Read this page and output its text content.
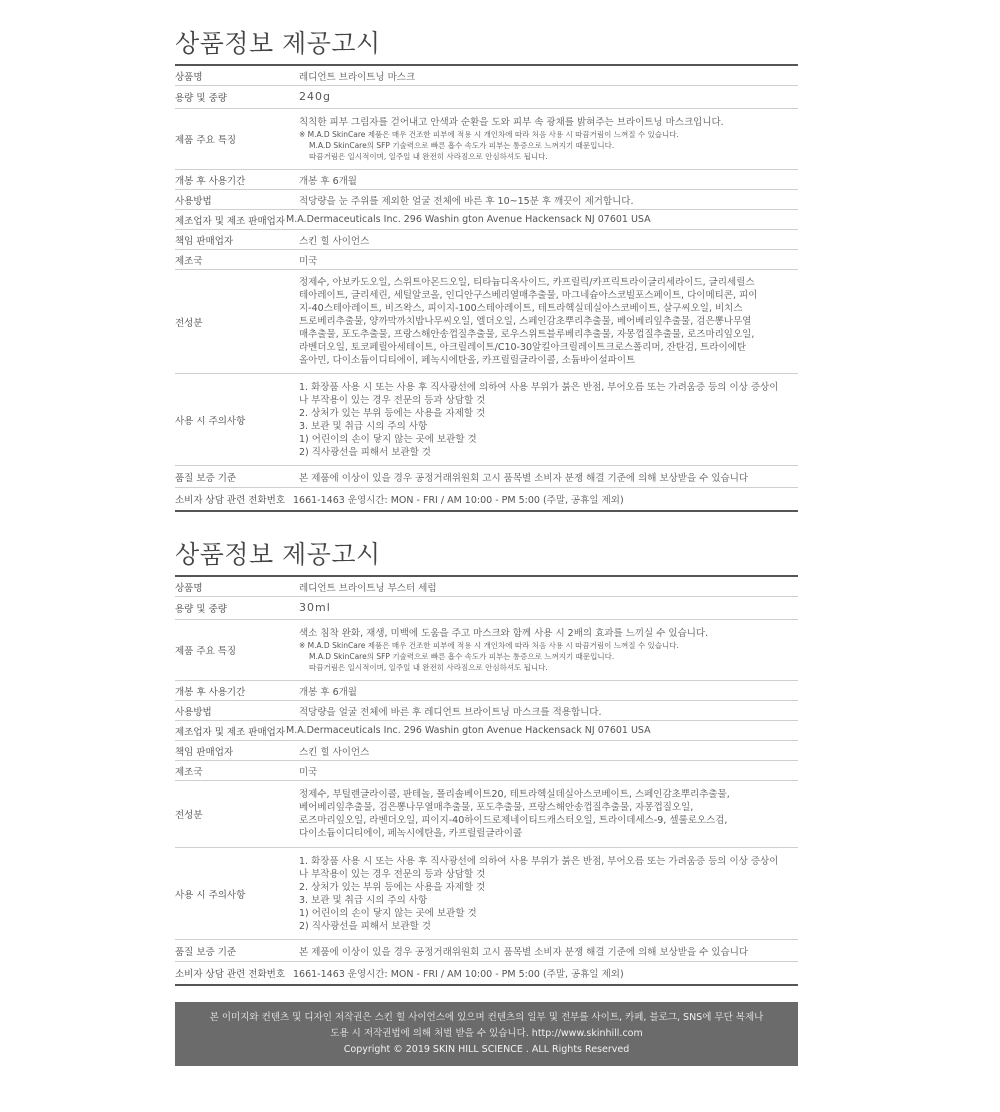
상품정보 제공고시
상품명	레디언트 브라이트닝 마스크
용량 및 중량	240g
제품 주요 특징
칙칙한 피부 그림자를 걷어내고 안색과 순환을 도와 피부 속 광채를 밝혀주는 브라이트닝 마스크입니다.
※ M.A.D SkinCare 제품은 매우 건조한 피부에 적용 시 개인차에 따라 처음 사용 시 따끔거림이 느껴질 수 있습니다.
M.A.D SkinCare의 SFP 기술력으로 빠른 흡수 속도가 피부는 통증으로 느껴지기 때문입니다.
따끔거림은 일시적이며, 일주일 내 완전히 사라짐으로 안심하셔도 됩니다.
개봉 후 사용기간	개봉 후 6개월
사용방법	적당량을 눈 주위를 제외한 얼굴 전체에 바른 후 10~15분 후 깨끗이 제거합니다.
제조업자 및 제조 판매업자 M.A.Dermaceuticals Inc. 296 Washin gton Avenue Hackensack NJ 07601 USA
책임 판매업자	스킨 힐 사이언스
제조국	미국
전성분
정제수, 아보카도오일, 스위트아몬드오일, 티타늄디옥사이드, 카프릴릭/카프릭트라이글리세라이드, 글리세릴스
테아레이트, 글리세린, 세틸알코올, 인디안구스베리열매추출물, 마그네슘아스코빌포스페이트, 다이메티콘, 피이
지-40스테아레이트, 비즈왁스, 피이지-100스테아레이트, 테트라헥실데실아스코베이트, 살구씨오일, 비치스
트로베리추출물, 양까막까치밥나무씨오일, 엘더오일, 스페인감초뿌리추출물, 베어베리잎추출물, 검은뽕나무열
매추출물, 포도추출물, 프랑스해안송껍질추출물, 로우스위트블루베리추출물, 자몽껍질추출물, 로즈마리잎오일,
라벤더오일, 토코페릴아세테이트, 아크릴레이트/C10-30알킬아크릴레이트크로스폴리머, 잔탄검, 트라이에탄
올아민, 다이소듐이디티에이, 페녹시에탄올, 카프릴릴글라이콜, 소듐바이설파이트
사용 시 주의사항
1. 화장품 사용 시 또는 사용 후 직사광선에 의하여 사용 부위가 붉은 반점, 부어오름 또는 가려움증 등의 이상 증상이
나 부작용이 있는 경우 전문의 등과 상담할 것
2. 상처가 있는 부위 등에는 사용을 자제할 것
3. 보관 및 취급 시의 주의 사항
1) 어린이의 손이 닿지 않는 곳에 보관할 것
2) 직사광선을 피해서 보관할 것
품질 보증 기준	본 제품에 이상이 있을 경우 공정거래위원회 고시 품목별 소비자 분쟁 해결 기준에 의해 보상받을 수 있습니다
소비자 상담 관련 전화번호 1661-1463 운영시간: MON - FRI / AM 10:00 - PM 5:00 (주말, 공휴일 제외)
상품정보 제공고시
상품명	레디언트 브라이트닝 부스터 세럼
용량 및 중량	30ml
제품 주요 특징
색소 침착 완화, 재생, 미백에 도움을 주고 마스크와 함께 사용 시 2배의 효과를 느끼실 수 있습니다.
※ M.A.D SkinCare 제품은 매우 건조한 피부에 적용 시 개인차에 따라 처음 사용 시 따끔거림이 느껴질 수 있습니다.
M.A.D SkinCare의 SFP 기술력으로 빠른 흡수 속도가 피부는 통증으로 느껴지기 때문입니다.
따끔거림은 일시적이며, 일주일 내 완전히 사라짐으로 안심하셔도 됩니다.
개봉 후 사용기간	개봉 후 6개월
사용방법	적당량을 얼굴 전체에 바른 후 레디언트 브라이트닝 마스크를 적용합니다.
제조업자 및 제조 판매업자 M.A.Dermaceuticals Inc. 296 Washin gton Avenue Hackensack NJ 07601 USA
책임 판매업자	스킨 힐 사이언스
제조국	미국
전성분
정제수, 부틸렌글라이콜, 판테놀, 폴리솔베이트20, 테트라헥실데실아스코베이트, 스페인감초뿌리추출물,
베어베리잎추출물, 검은뽕나무열매추출물, 포도추출물, 프랑스해안송껍질추출물, 자몽껍질오일,
로즈마리잎오일, 라벤더오일, 피이지-40하이드로제네이티드캐스터오일, 트라이데세스-9, 셀룰로오스검,
다이소듐이디티에이, 페녹시에탄올, 카프릴릴글라이콜
사용 시 주의사항
1. 화장품 사용 시 또는 사용 후 직사광선에 의하여 사용 부위가 붉은 반점, 부어오름 또는 가려움증 등의 이상 증상이
나 부작용이 있는 경우 전문의 등과 상담할 것
2. 상처가 있는 부위 등에는 사용을 자제할 것
3. 보관 및 취급 시의 주의 사항
1) 어린이의 손이 닿지 않는 곳에 보관할 것
2) 직사광선을 피해서 보관할 것
품질 보증 기준	본 제품에 이상이 있을 경우 공정거래위원회 고시 품목별 소비자 분쟁 해결 기준에 의해 보상받을 수 있습니다
소비자 상담 관련 전화번호 1661-1463 운영시간: MON - FRI / AM 10:00 - PM 5:00 (주말, 공휴일 제외)
본 이미지와 컨텐츠 및 디자인 저작권은 스킨 힐 사이언스에 있으며 컨텐츠의 일부 및 전부를 사이트, 카페, 블로그, SNS에 무단 복제나
도용 시 저작권법에 의해 처벌 받을 수 있습니다. http://www.skinhill.com
Copyright © 2019 SKIN HILL SCIENCE . ALL Rights Reserved
